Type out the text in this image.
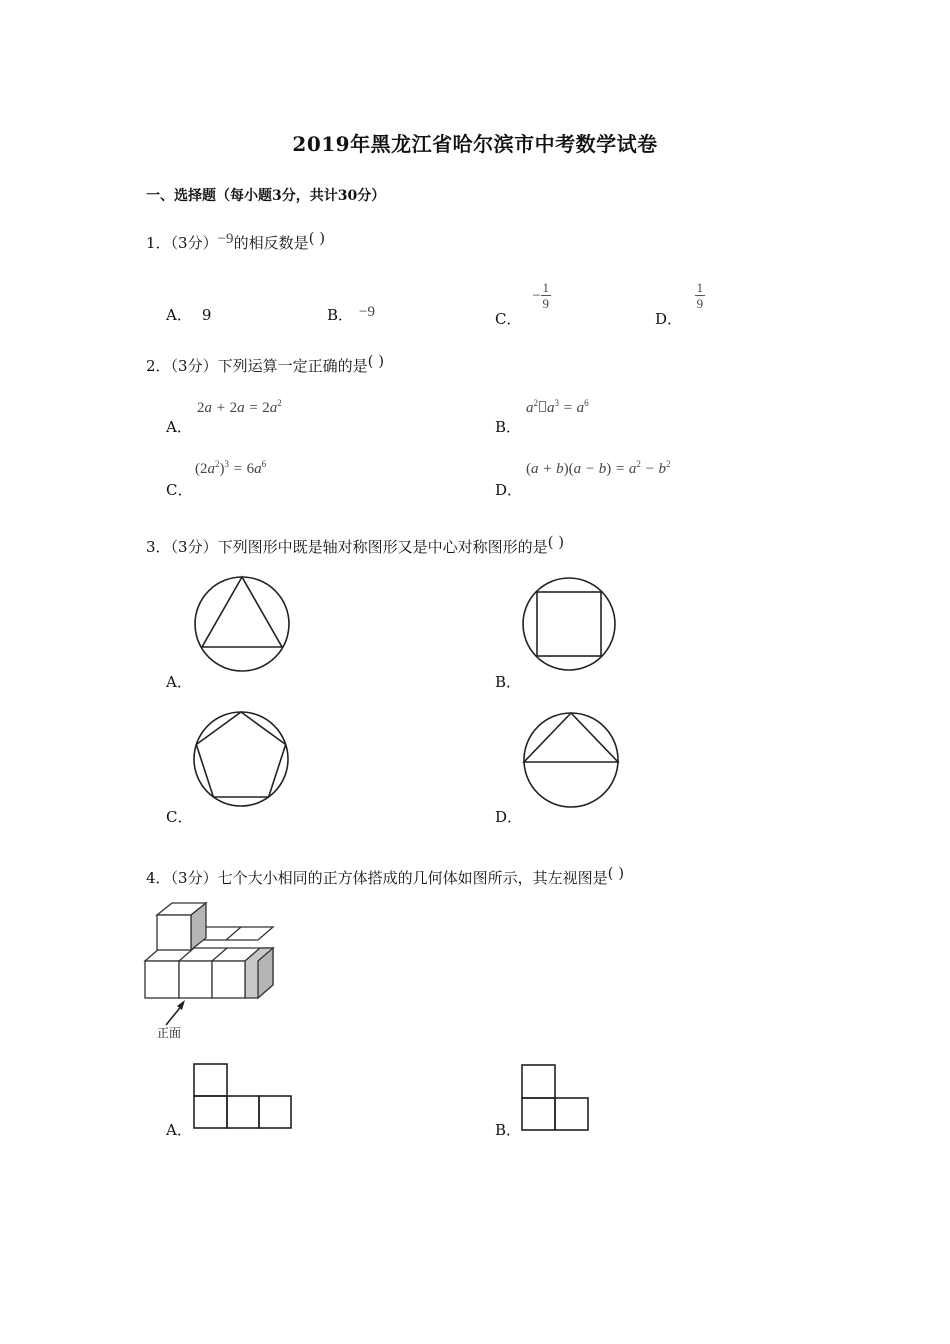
2019年黑龙江省哈尔滨市中考数学试卷
一、选择题（每小题3分，共计30分）
1．（3分）−9的相反数是( )
A． 9	B． −9	C． − $\frac{1}{9}$
D．
$\frac{1}{9}$
2．（3分）下列运算一定正确的是( )
A．
$2a + 2a = 2a^2$
B．
$a^2$ $a^3 = a^6$
C．
$(2a^2)^3 = 6a^6$
D．
$(a + b)(a - b) = a^2 - b^2$
3．（3分）下列图形中既是轴对称图形又是中心对称图形的是( )
A．	B．
C．	D．
4．（3分）七个大小相同的正方体搭成的几何体如图所示，其左视图是( )
正面
A．	B．
